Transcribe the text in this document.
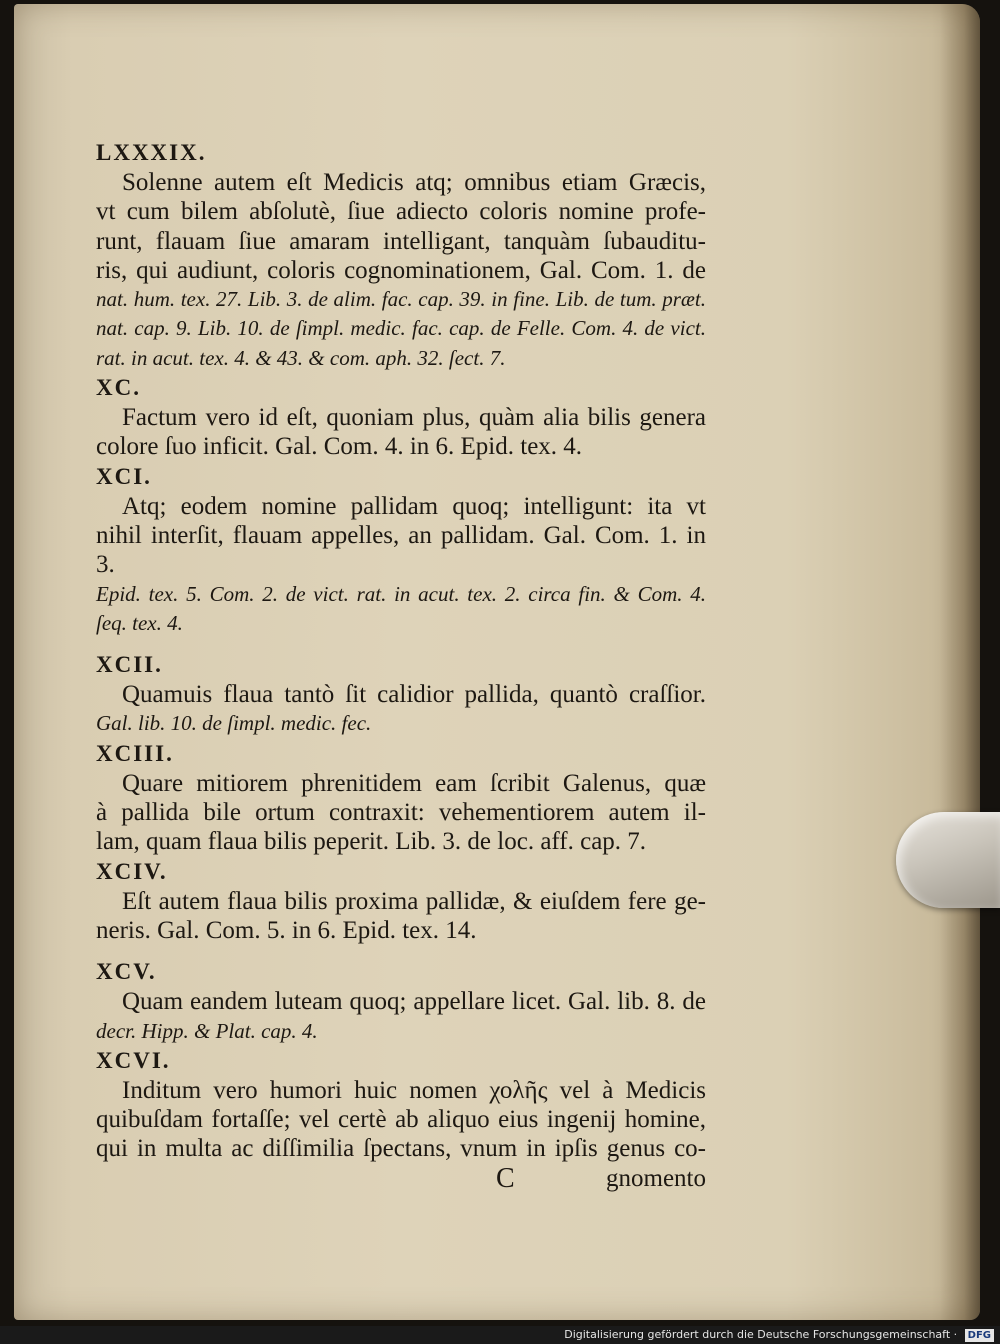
LXXXIX.

Solenne autem eſt Medicis atq; omnibus etiam Græcis,

vt cum bilem abſolutè, ſiue adiecto coloris nomine profe-

runt, flauam ſiue amaram intelligant, tanquàm ſubauditu-

ris, qui audiunt, coloris cognominationem, Gal. Com. 1. de

nat. hum. tex. 27. Lib. 3. de alim. fac. cap. 39. in fine. Lib. de tum. præt.

nat. cap. 9. Lib. 10. de ſimpl. medic. fac. cap. de Felle. Com. 4. de vict.

rat. in acut. tex. 4. & 43. & com. aph. 32. ſect. 7.

XC.

Factum vero id eſt, quoniam plus, quàm alia bilis genera

colore ſuo inficit. Gal. Com. 4. in 6. Epid. tex. 4.

XCI.

Atq; eodem nomine pallidam quoq; intelligunt: ita vt

nihil interſit, flauam appelles, an pallidam. Gal. Com. 1. in 3.

Epid. tex. 5. Com. 2. de vict. rat. in acut. tex. 2. circa fin. & Com. 4.

ſeq. tex. 4.

XCII.

Quamuis flaua tantò ſit calidior pallida, quantò craſſior.

Gal. lib. 10. de ſimpl. medic. fec.

XCIII.

Quare mitiorem phrenitidem eam ſcribit Galenus, quæ

à pallida bile ortum contraxit: vehementiorem autem il-

lam, quam flaua bilis peperit. Lib. 3. de loc. aff. cap. 7.

XCIV.

Eſt autem flaua bilis proxima pallidæ, & eiuſdem fere ge-

neris. Gal. Com. 5. in 6. Epid. tex. 14.

XCV.

Quam eandem luteam quoq; appellare licet. Gal. lib. 8. de

decr. Hipp. & Plat. cap. 4.

XCVI.

Inditum vero humori huic nomen χολῆς vel à Medicis

quibuſdam fortaſſe; vel certè ab aliquo eius ingenij homine,

qui in multa ac diſſimilia ſpectans, vnum in ipſis genus co-

C	gnomento
Digitalisierung gefördert durch die Deutsche Forschungsgemeinschaft · DFG
